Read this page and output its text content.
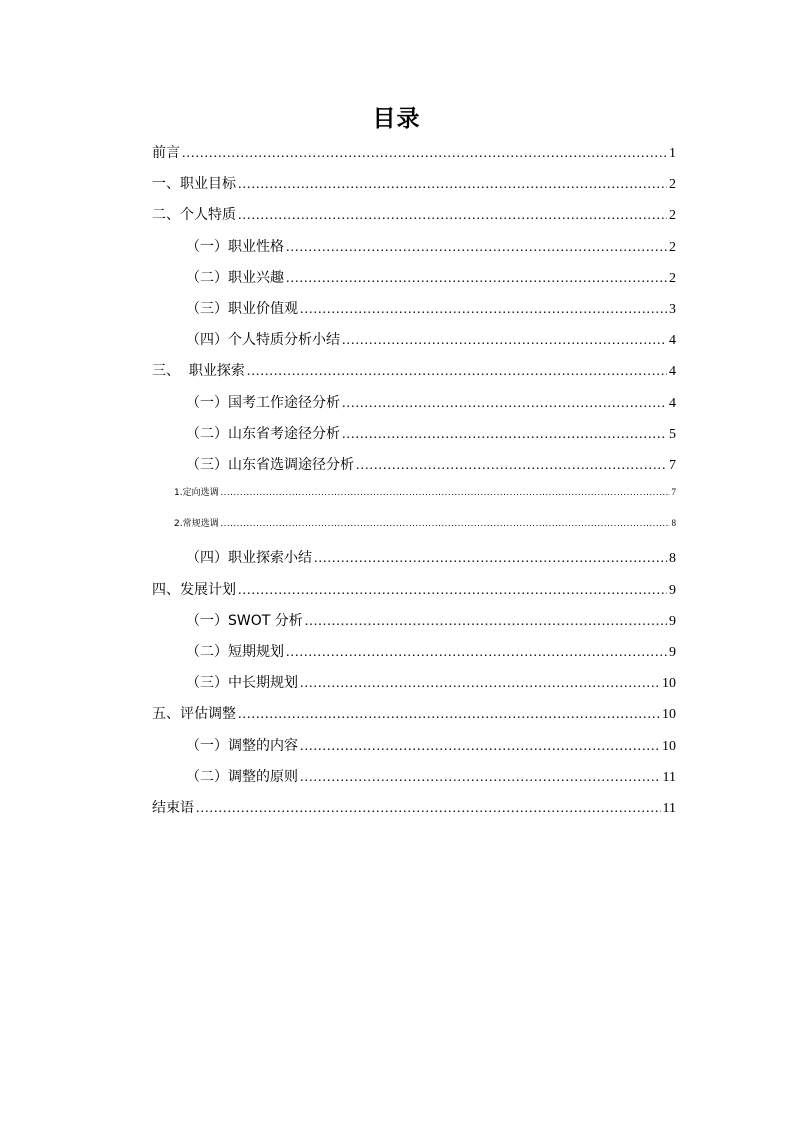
目录
前言 .....	1
一、职业目标 .....	2
二、个人特质 .....	2
（一）职业性格 .....	2
（二）职业兴趣 .....	2
（三）职业价值观 .....	3
（四）个人特质分析小结 .....	4
三、  职业探索 .....	4
（一）国考工作途径分析 .....	4
（二）山东省考途径分析 .....	5
（三）山东省选调途径分析 .....	7
1.定向选调 .....	7
2.常规选调 .....	8
（四）职业探索小结 .....	8
四、发展计划 .....	9
（一）SWOT 分析 .....	9
（二）短期规划 .....	9
（三）中长期规划 .....	10
五、评估调整 .....	10
（一）调整的内容 .....	10
（二）调整的原则 .....	11
结束语 .....	11
